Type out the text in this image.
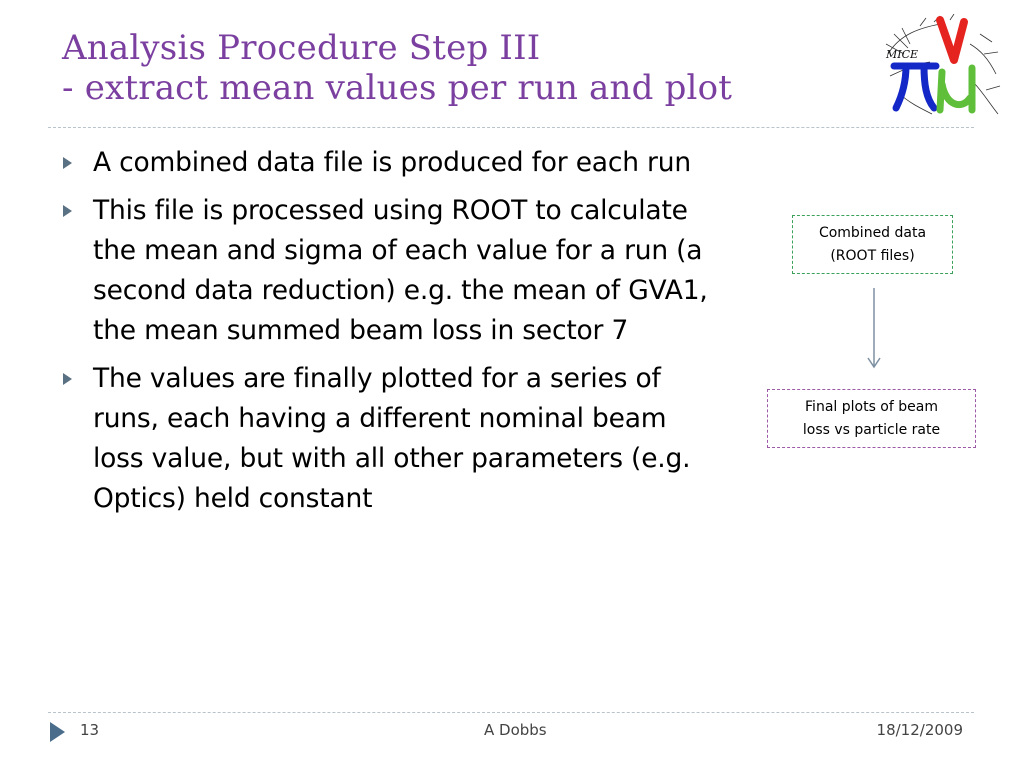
Analysis Procedure Step III
- extract mean values per run and plot
MICE
A combined data file is produced for each run
This file is processed using ROOT to calculate the mean and sigma of each value for a run (a second data reduction) e.g. the mean of GVA1, the mean summed beam loss in sector 7
The values are finally plotted for a series of runs, each having a different nominal beam loss value, but with all other parameters (e.g. Optics) held constant
Combined data
(ROOT files)
Final plots of beam
loss vs particle rate
13	A Dobbs	18/12/2009
